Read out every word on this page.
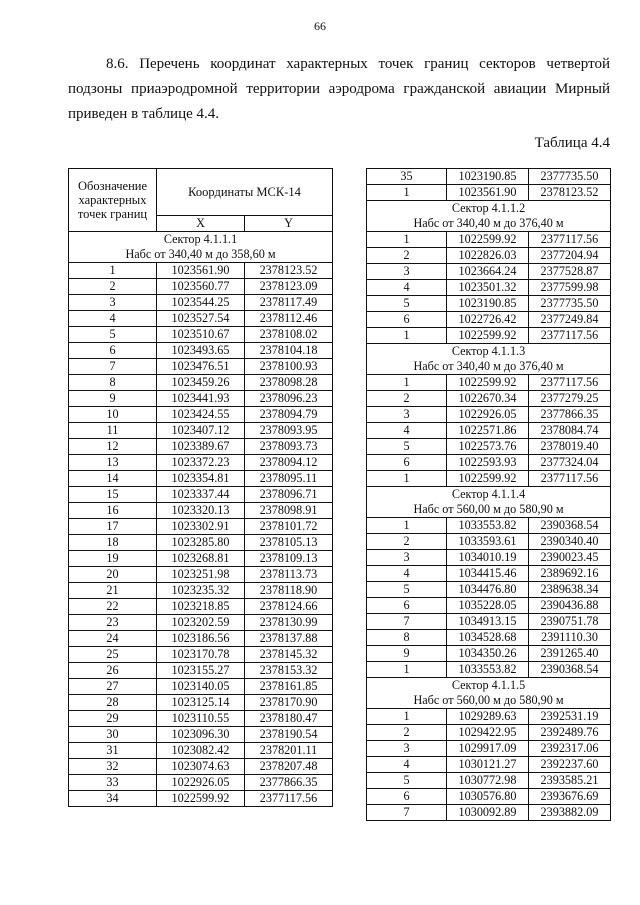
66
8.6. Перечень координат характерных точек границ секторов четвертой
подзоны приаэродромной территории аэродрома гражданской авиации Мирный приведен в таблице 4.4.
Таблица 4.4
Обозначение характерных точек границ	Координаты МСК-14	
	X	Y

Сектор 4.1.1.1
Набс от 340,40 м до 358,60 м		

1	1023561.90	2378123.52
2	1023560.77	2378123.09
3	1023544.25	2378117.49
4	1023527.54	2378112.46
5	1023510.67	2378108.02
6	1023493.65	2378104.18
7	1023476.51	2378100.93
8	1023459.26	2378098.28
9	1023441.93	2378096.23
10	1023424.55	2378094.79
11	1023407.12	2378093.95
12	1023389.67	2378093.73
13	1023372.23	2378094.12
14	1023354.81	2378095.11
15	1023337.44	2378096.71
16	1023320.13	2378098.91
17	1023302.91	2378101.72
18	1023285.80	2378105.13
19	1023268.81	2378109.13
20	1023251.98	2378113.73
21	1023235.32	2378118.90
22	1023218.85	2378124.66
23	1023202.59	2378130.99
24	1023186.56	2378137.88
25	1023170.78	2378145.32
26	1023155.27	2378153.32
27	1023140.05	2378161.85
28	1023125.14	2378170.90
29	1023110.55	2378180.47
30	1023096.30	2378190.54
31	1023082.42	2378201.11
32	1023074.63	2378207.48
33	1022926.05	2377866.35
34	1022599.92	2377117.56
35	1023190.85	2377735.50
1	1023561.90	2378123.52

Сектор 4.1.1.2
Набс от 340,40 м до 376,40 м		

1	1022599.92	2377117.56
2	1022826.03	2377204.94
3	1023664.24	2377528.87
4	1023501.32	2377599.98
5	1023190.85	2377735.50
6	1022726.42	2377249.84
1	1022599.92	2377117.56

Сектор 4.1.1.3
Набс от 340,40 м до 376,40 м		

1	1022599.92	2377117.56
2	1022670.34	2377279.25
3	1022926.05	2377866.35
4	1022571.86	2378084.74
5	1022573.76	2378019.40
6	1022593.93	2377324.04
1	1022599.92	2377117.56

Сектор 4.1.1.4
Набс от 560,00 м до 580,90 м		

1	1033553.82	2390368.54
2	1033593.61	2390340.40
3	1034010.19	2390023.45
4	1034415.46	2389692.16
5	1034476.80	2389638.34
6	1035228.05	2390436.88
7	1034913.15	2390751.78
8	1034528.68	2391110.30
9	1034350.26	2391265.40
1	1033553.82	2390368.54

Сектор 4.1.1.5
Набс от 560,00 м до 580,90 м		

1	1029289.63	2392531.19
2	1029422.95	2392489.76
3	1029917.09	2392317.06
4	1030121.27	2392237.60
5	1030772.98	2393585.21
6	1030576.80	2393676.69
7	1030092.89	2393882.09
